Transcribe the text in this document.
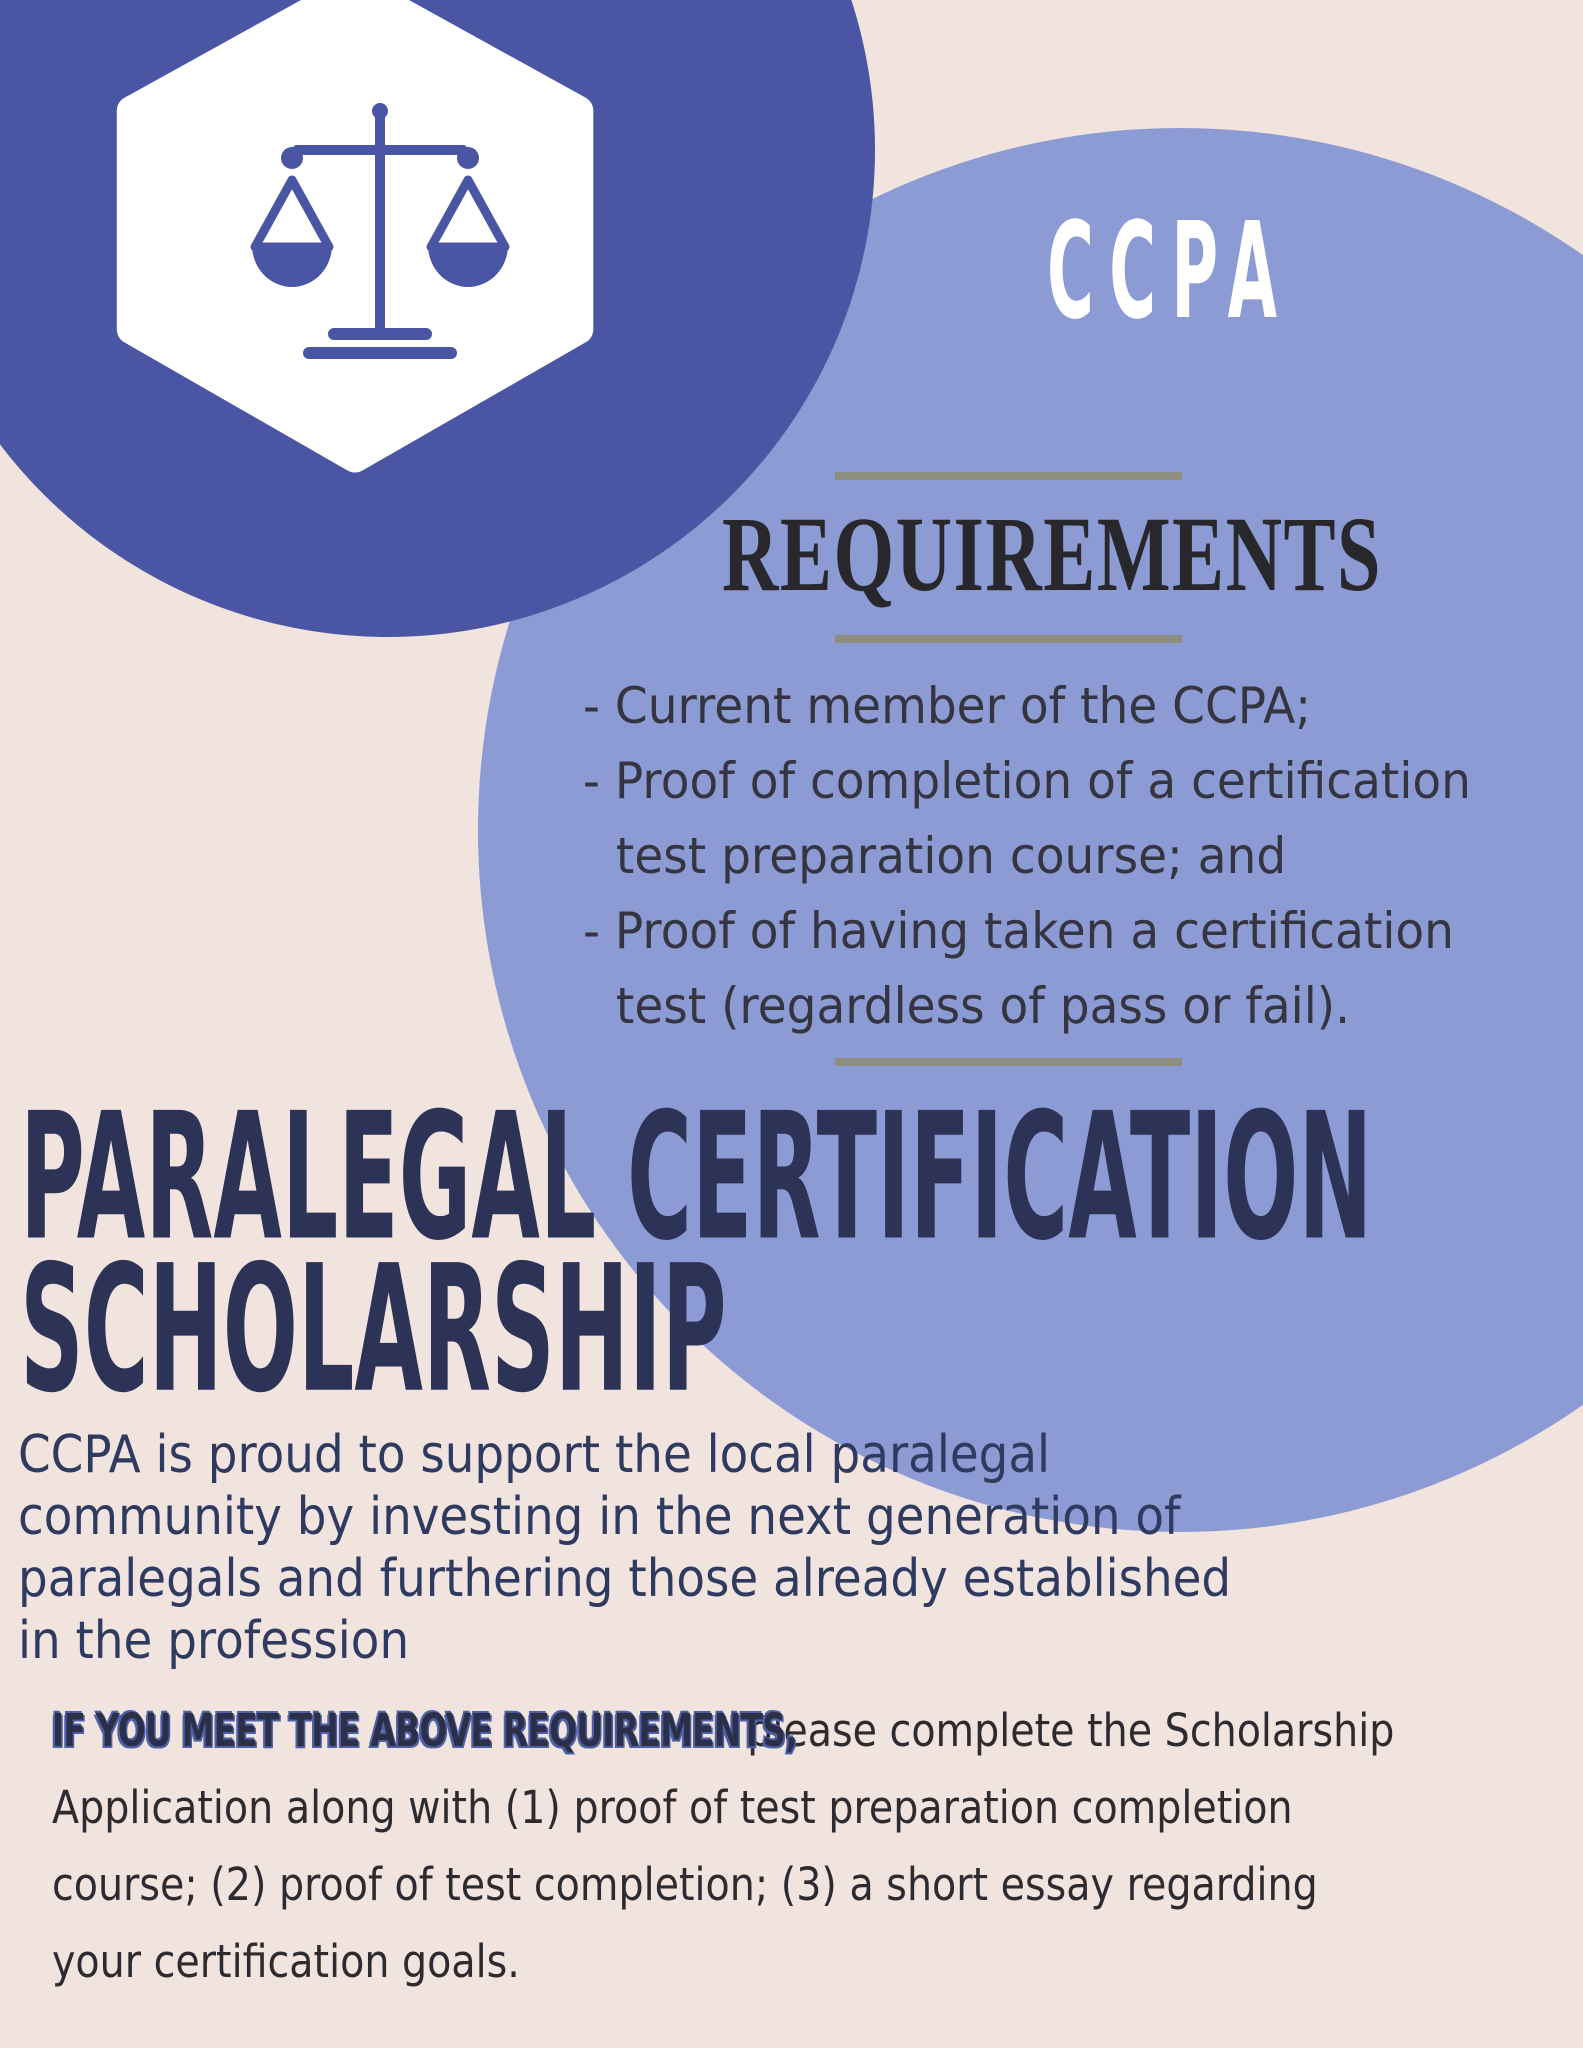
CCPA
REQUIREMENTS
- Current member of the CCPA;
- Proof of completion of a certification
test preparation course; and
- Proof of having taken a certification
test (regardless of pass or fail).
PARALEGAL CERTIFICATION
SCHOLARSHIP
CCPA is proud to support the local paralegal
community by investing in the next generation of
paralegals and furthering those already established
in the profession
IF YOU MEET THE ABOVE REQUIREMENTS,please complete the Scholarship
Application along with (1) proof of test preparation completion
course; (2) proof of test completion; (3) a short essay regarding
your certification goals.
